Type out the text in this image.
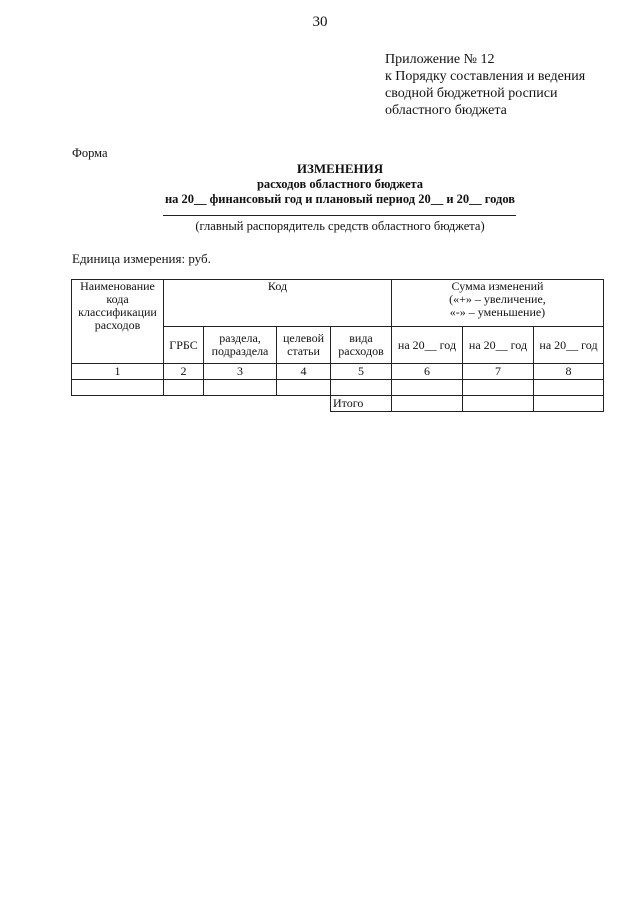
30
Приложение № 12
к Порядку составления и ведения
сводной бюджетной росписи
областного бюджета
Форма
ИЗМЕНЕНИЯ
расходов областного бюджета
на 20__ финансовый год и плановый период 20__ и 20__ годов
(главный распорядитель средств областного бюджета)
Единица измерения: руб.
Наименование кода классификации расходов	Код				Сумма изменений
(«+» – увеличение,
«-» – уменьшение)		

	ГРБС	раздела, подраздела	целевой статьи	вида расходов	на 20__ год	на 20__ год	на 20__ год
1	2	3	4	5	6	7	8

				Итого			
